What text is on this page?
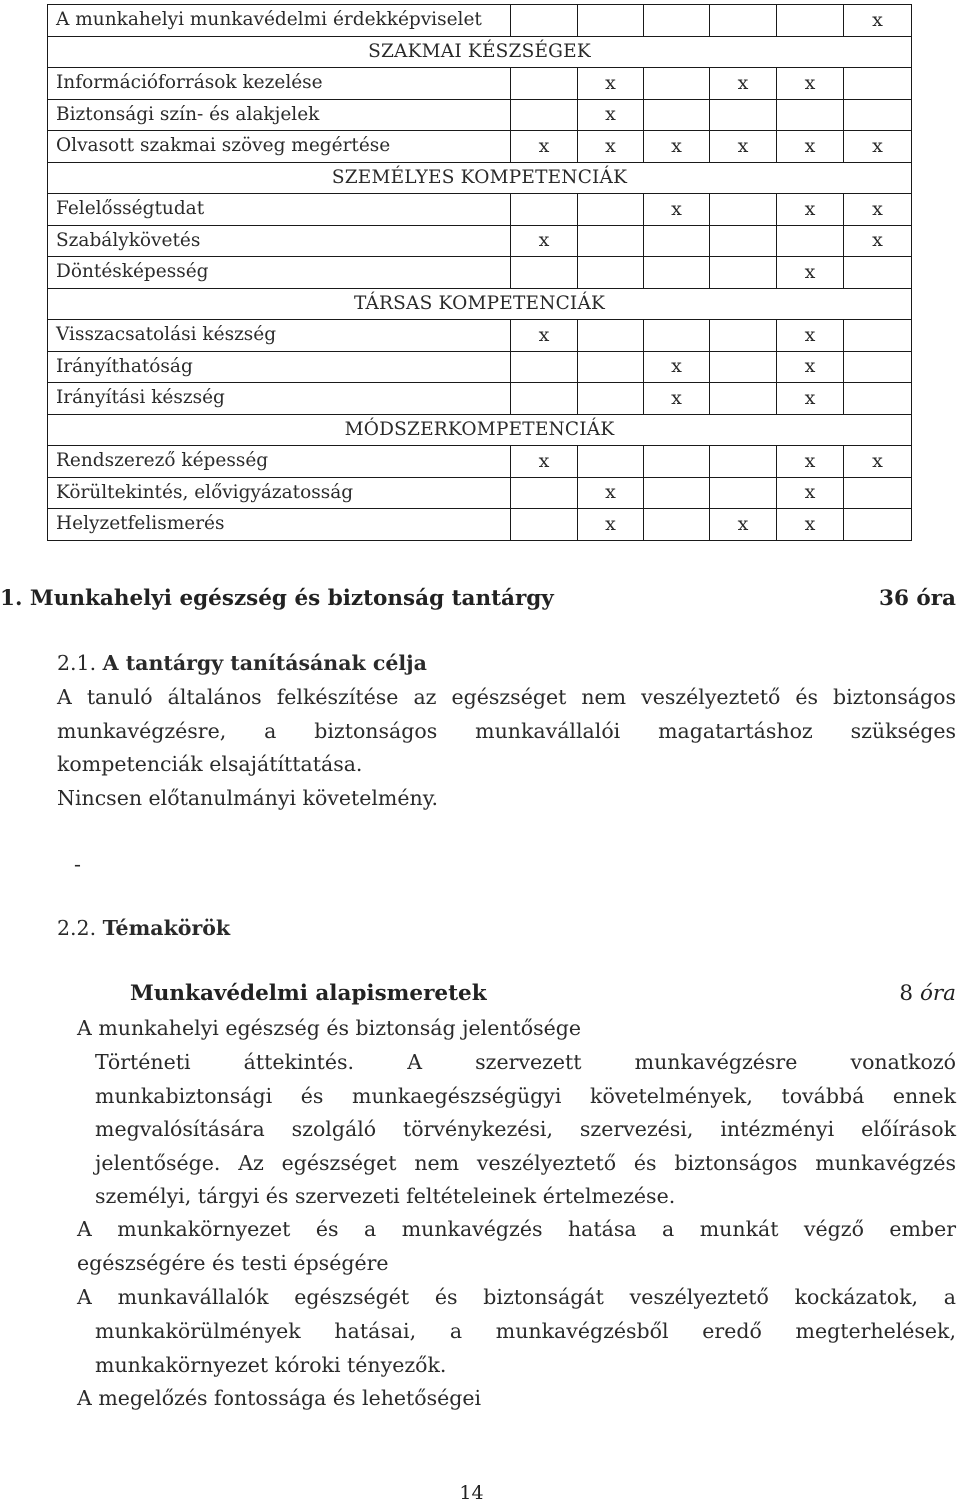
A munkahelyi munkavédelmi érdekképviselet						x
SZAKMAI KÉSZSÉGEK						
Információforrások kezelése		x		x	x	
Biztonsági szín- és alakjelek		x				
Olvasott szakmai szöveg megértése	x	x	x	x	x	x
SZEMÉLYES KOMPETENCIÁK						
Felelősségtudat			x		x	x
Szabálykövetés	x					x
Döntésképesség					x	
TÁRSAS KOMPETENCIÁK						
Visszacsatolási készség	x				x	
Irányíthatóság			x		x	
Irányítási készség			x		x	
MÓDSZERKOMPETENCIÁK						
Rendszerező képesség	x				x	x
Körültekintés, elővigyázatosság		x			x	
Helyzetfelismerés		x		x	x	
1. Munkahelyi egészség és biztonság tantárgy	36 óra
2.1. A tantárgy tanításának célja
A tanuló általános felkészítése az egészséget nem veszélyeztető és biztonságos
munkavégzésre, a biztonságos munkavállalói magatartáshoz szükséges
kompetenciák elsajátíttatása.
Nincsen előtanulmányi követelmény.
-
2.2. Témakörök
Munkavédelmi alapismeretek	8 óra
A munkahelyi egészség és biztonság jelentősége
Történeti áttekintés. A szervezett munkavégzésre vonatkozó
munkabiztonsági és munkaegészségügyi követelmények, továbbá ennek
megvalósítására szolgáló törvénykezési, szervezési, intézményi előírások
jelentősége. Az egészséget nem veszélyeztető és biztonságos munkavégzés
személyi, tárgyi és szervezeti feltételeinek értelmezése.
A munkakörnyezet és a munkavégzés hatása a munkát végző ember
egészségére és testi épségére
A munkavállalók egészségét és biztonságát veszélyeztető kockázatok, a
munkakörülmények hatásai, a munkavégzésből eredő megterhelések,
munkakörnyezet kóroki tényezők.
A megelőzés fontossága és lehetőségei
14
